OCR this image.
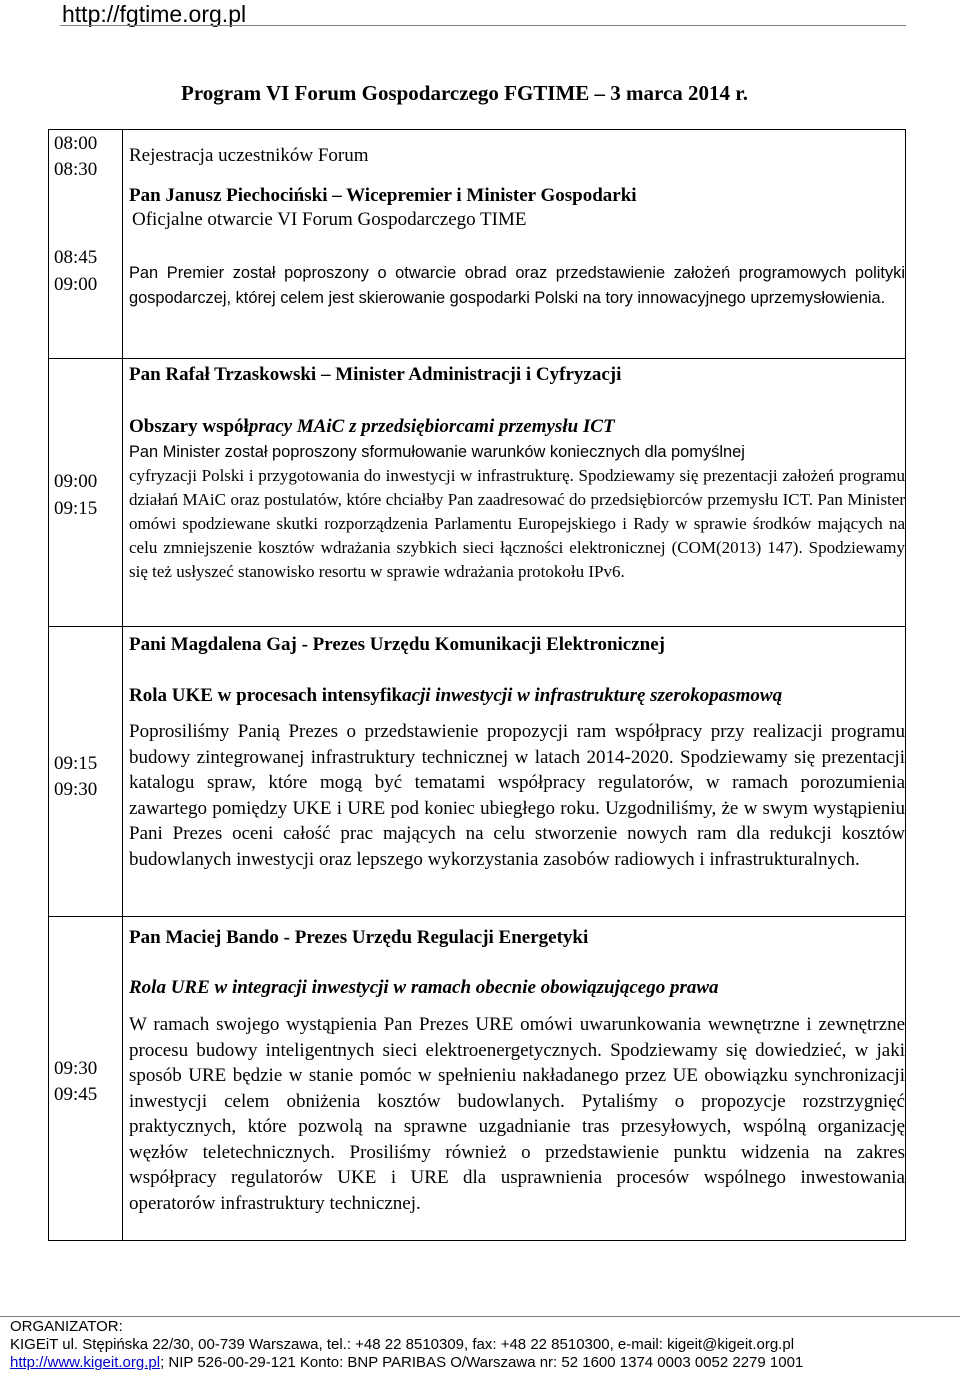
http://fgtime.org.pl
Program VI Forum Gospodarczego FGTIME – 3 marca 2014 r.
08:00
08:30
Rejestracja uczestników Forum
08:45
09:00
Pan Janusz Piechociński – Wicepremier i Minister Gospodarki
Oficjalne otwarcie VI Forum Gospodarczego TIME
Pan Premier został poproszony o otwarcie obrad oraz przedstawienie założeń programowych polityki gospodarczej, której celem jest skierowanie gospodarki Polski na tory innowacyjnego uprzemysłowienia.
09:00
09:15
Pan Rafał Trzaskowski – Minister Administracji i Cyfryzacji
Obszary współpracy MAiC z przedsiębiorcami przemysłu ICT
Pan Minister został poproszony sformułowanie warunków koniecznych dla pomyślnej
cyfryzacji Polski i przygotowania do inwestycji w infrastrukturę. Spodziewamy się prezentacji założeń programu działań MAiC oraz postulatów, które chciałby Pan zaadresować do przedsiębiorców przemysłu ICT. Pan Minister omówi spodziewane skutki rozporządzenia Parlamentu Europejskiego i Rady w sprawie środków mających na celu zmniejszenie kosztów wdrażania szybkich sieci łączności elektronicznej (COM(2013) 147). Spodziewamy się też usłyszeć stanowisko resortu w sprawie wdrażania protokołu IPv6.
09:15
09:30
Pani Magdalena Gaj - Prezes Urzędu Komunikacji Elektronicznej
Rola UKE w procesach intensyfikacji inwestycji w infrastrukturę szerokopasmową
Poprosiliśmy Panią Prezes o przedstawienie propozycji ram współpracy przy realizacji programu budowy zintegrowanej infrastruktury technicznej w latach 2014-2020. Spodziewamy się prezentacji katalogu spraw, które mogą być tematami współpracy regulatorów, w ramach porozumienia zawartego pomiędzy UKE i URE pod koniec ubiegłego roku. Uzgodniliśmy, że w swym wystąpieniu Pani Prezes oceni całość prac mających na celu stworzenie nowych ram dla redukcji kosztów budowlanych inwestycji oraz lepszego wykorzystania zasobów radiowych i infrastrukturalnych.
09:30
09:45
Pan Maciej Bando - Prezes Urzędu Regulacji Energetyki
Rola URE w integracji inwestycji w ramach obecnie obowiązującego prawa
W ramach swojego wystąpienia Pan Prezes URE omówi uwarunkowania wewnętrzne i zewnętrzne procesu budowy inteligentnych sieci elektroenergetycznych. Spodziewamy się dowiedzieć, w jaki sposób URE będzie w stanie pomóc w spełnieniu nakładanego przez UE obowiązku synchronizacji inwestycji celem obniżenia kosztów budowlanych. Pytaliśmy o propozycje rozstrzygnięć praktycznych, które pozwolą na sprawne uzgadnianie tras przesyłowych, wspólną organizację węzłów teletechnicznych. Prosiliśmy również o przedstawienie punktu widzenia na zakres współpracy regulatorów UKE i URE dla usprawnienia procesów wspólnego inwestowania operatorów infrastruktury technicznej.
ORGANIZATOR:
KIGEiT ul. Stępińska 22/30, 00-739 Warszawa, tel.: +48 22 8510309, fax: +48 22 8510300, e-mail: kigeit@kigeit.org.pl
http://www.kigeit.org.pl; NIP 526-00-29-121 Konto: BNP PARIBAS O/Warszawa nr: 52 1600 1374 0003 0052 2279 1001
